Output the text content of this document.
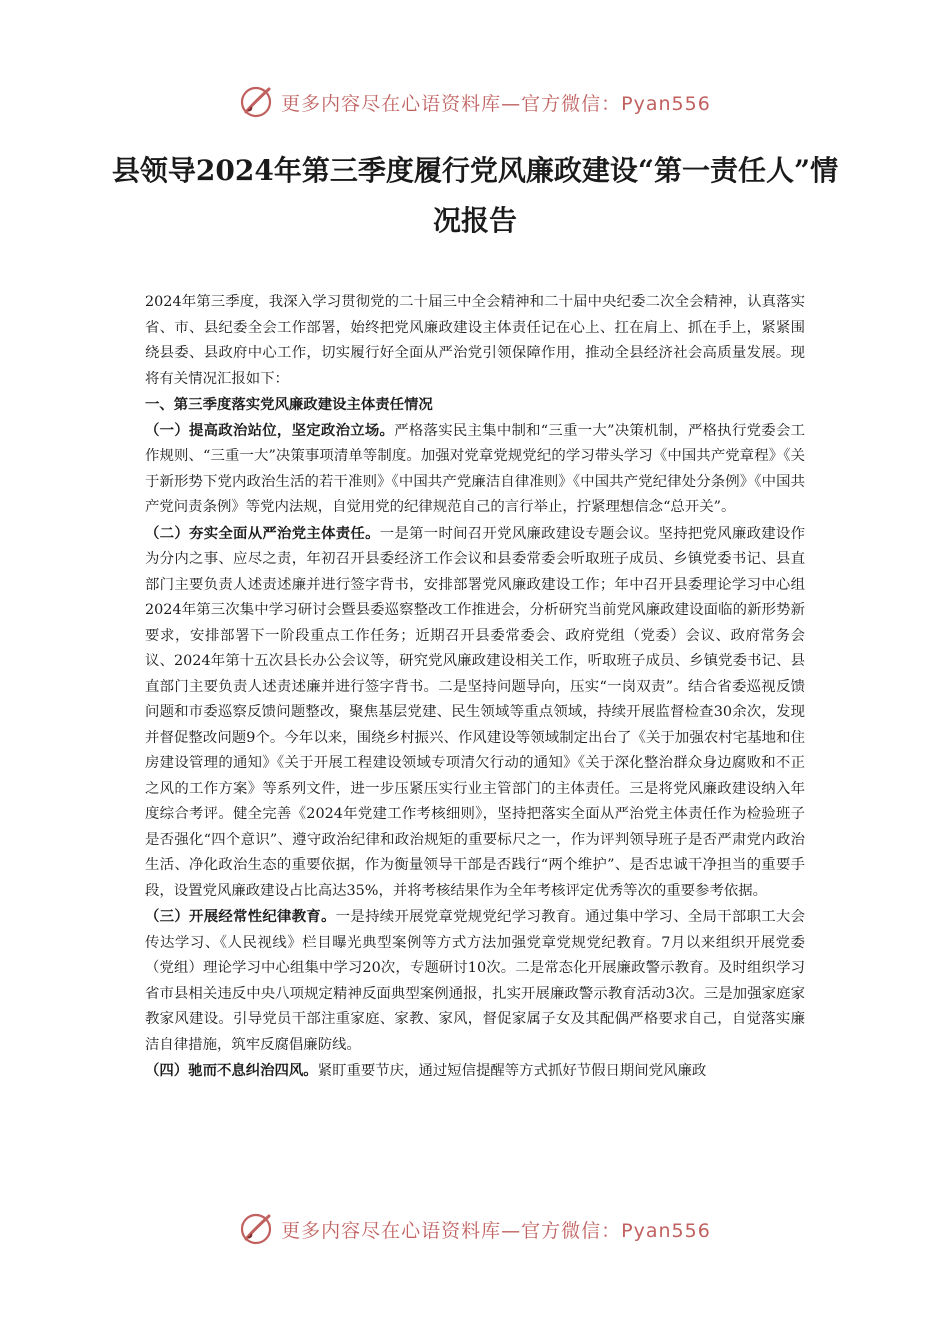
更多内容尽在心语资料库—官方微信：Pyan556
县领导2024年第三季度履行党风廉政建设“第一责任人”情况报告

2024年第三季度，我深入学习贯彻党的二十届三中全会精神和二十届中央纪委二次全会精神，认真落实省、市、县纪委全会工作部署，始终把党风廉政建设主体责任记在心上、扛在肩上、抓在手上，紧紧围绕县委、县政府中心工作，切实履行好全面从严治党引领保障作用，推动全县经济社会高质量发展。现将有关情况汇报如下：

一、第三季度落实党风廉政建设主体责任情况

（一）提高政治站位，坚定政治立场。严格落实民主集中制和“三重一大”决策机制，严格执行党委会工作规则、“三重一大”决策事项清单等制度。加强对党章党规党纪的学习带头学习《中国共产党章程》《关于新形势下党内政治生活的若干准则》《中国共产党廉洁自律准则》《中国共产党纪律处分条例》《中国共产党问责条例》等党内法规，自觉用党的纪律规范自己的言行举止，拧紧理想信念“总开关”。

（二）夯实全面从严治党主体责任。一是第一时间召开党风廉政建设专题会议。坚持把党风廉政建设作为分内之事、应尽之责，年初召开县委经济工作会议和县委常委会听取班子成员、乡镇党委书记、县直部门主要负责人述责述廉并进行签字背书，安排部署党风廉政建设工作；年中召开县委理论学习中心组2024年第三次集中学习研讨会暨县委巡察整改工作推进会，分析研究当前党风廉政建设面临的新形势新要求，安排部署下一阶段重点工作任务；近期召开县委常委会、政府党组（党委）会议、政府常务会议、2024年第十五次县长办公会议等，研究党风廉政建设相关工作，听取班子成员、乡镇党委书记、县直部门主要负责人述责述廉并进行签字背书。二是坚持问题导向，压实“一岗双责”。结合省委巡视反馈问题和市委巡察反馈问题整改，聚焦基层党建、民生领域等重点领域，持续开展监督检查30余次，发现并督促整改问题9个。今年以来，围绕乡村振兴、作风建设等领域制定出台了《关于加强农村宅基地和住房建设管理的通知》《关于开展工程建设领域专项清欠行动的通知》《关于深化整治群众身边腐败和不正之风的工作方案》等系列文件，进一步压紧压实行业主管部门的主体责任。三是将党风廉政建设纳入年度综合考评。健全完善《2024年党建工作考核细则》，坚持把落实全面从严治党主体责任作为检验班子是否强化“四个意识”、遵守政治纪律和政治规矩的重要标尺之一，作为评判领导班子是否严肃党内政治生活、净化政治生态的重要依据，作为衡量领导干部是否践行“两个维护”、是否忠诚干净担当的重要手段，设置党风廉政建设占比高达35%，并将考核结果作为全年考核评定优秀等次的重要参考依据。

（三）开展经常性纪律教育。一是持续开展党章党规党纪学习教育。通过集中学习、全局干部职工大会传达学习、《人民视线》栏目曝光典型案例等方式方法加强党章党规党纪教育。7月以来组织开展党委（党组）理论学习中心组集中学习20次，专题研讨10次。二是常态化开展廉政警示教育。及时组织学习省市县相关违反中央八项规定精神反面典型案例通报，扎实开展廉政警示教育活动3次。三是加强家庭家教家风建设。引导党员干部注重家庭、家教、家风，督促家属子女及其配偶严格要求自己，自觉落实廉洁自律措施，筑牢反腐倡廉防线。

（四）驰而不息纠治四风。紧盯重要节庆，通过短信提醒等方式抓好节假日期间党风廉政

更多内容尽在心语资料库—官方微信：Pyan556
